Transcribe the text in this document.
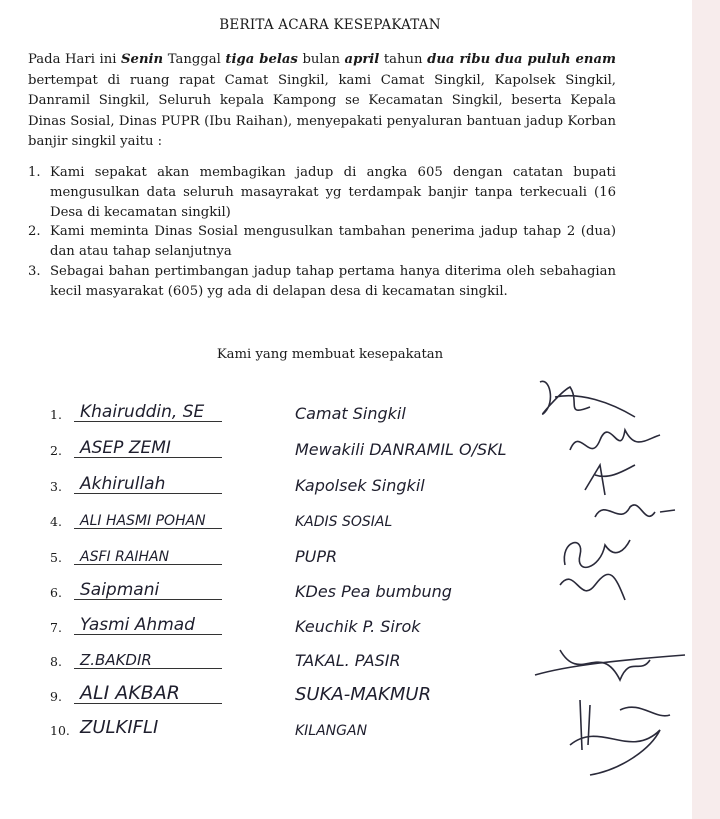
BERITA ACARA KESEPAKATAN
Pada Hari ini Senin Tanggal tiga belas bulan april tahun dua ribu dua puluh enam bertempat di ruang rapat Camat Singkil, kami Camat Singkil, Kapolsek Singkil, Danramil Singkil, Seluruh kepala Kampong se Kecamatan Singkil, beserta Kepala Dinas Sosial, Dinas PUPR (Ibu Raihan), menyepakati penyaluran bantuan jadup Korban banjir singkil yaitu :
1. Kami sepakat akan membagikan jadup di angka 605 dengan catatan bupati mengusulkan data seluruh masayrakat yg terdampak banjir tanpa terkecuali (16 Desa di kecamatan singkil)
2. Kami meminta Dinas Sosial mengusulkan tambahan penerima jadup tahap 2 (dua) dan atau tahap selanjutnya
3. Sebagai bahan pertimbangan jadup tahap pertama hanya diterima oleh sebahagian kecil masyarakat (605) yg ada di delapan desa di kecamatan singkil.
Kami yang membuat kesepakatan
1. Khairuddin, SE	Camat Singkil
2. ASEP ZEMI	Mewakili DANRAMIL O/SKL
3. Akhirullah	Kapolsek Singkil
4. ALI HASMI POHAN	KADIS SOSIAL
5. ASFI RAIHAN	PUPR
6. Saipmani	KDes Pea bumbung
7. Yasmi Ahmad	Keuchik P. Sirok
8. Z.BAKDIR	TAKAL. PASIR
9. ALI AKBAR	SUKA-MAKMUR
10. ZULKIFLI	KILANGAN
